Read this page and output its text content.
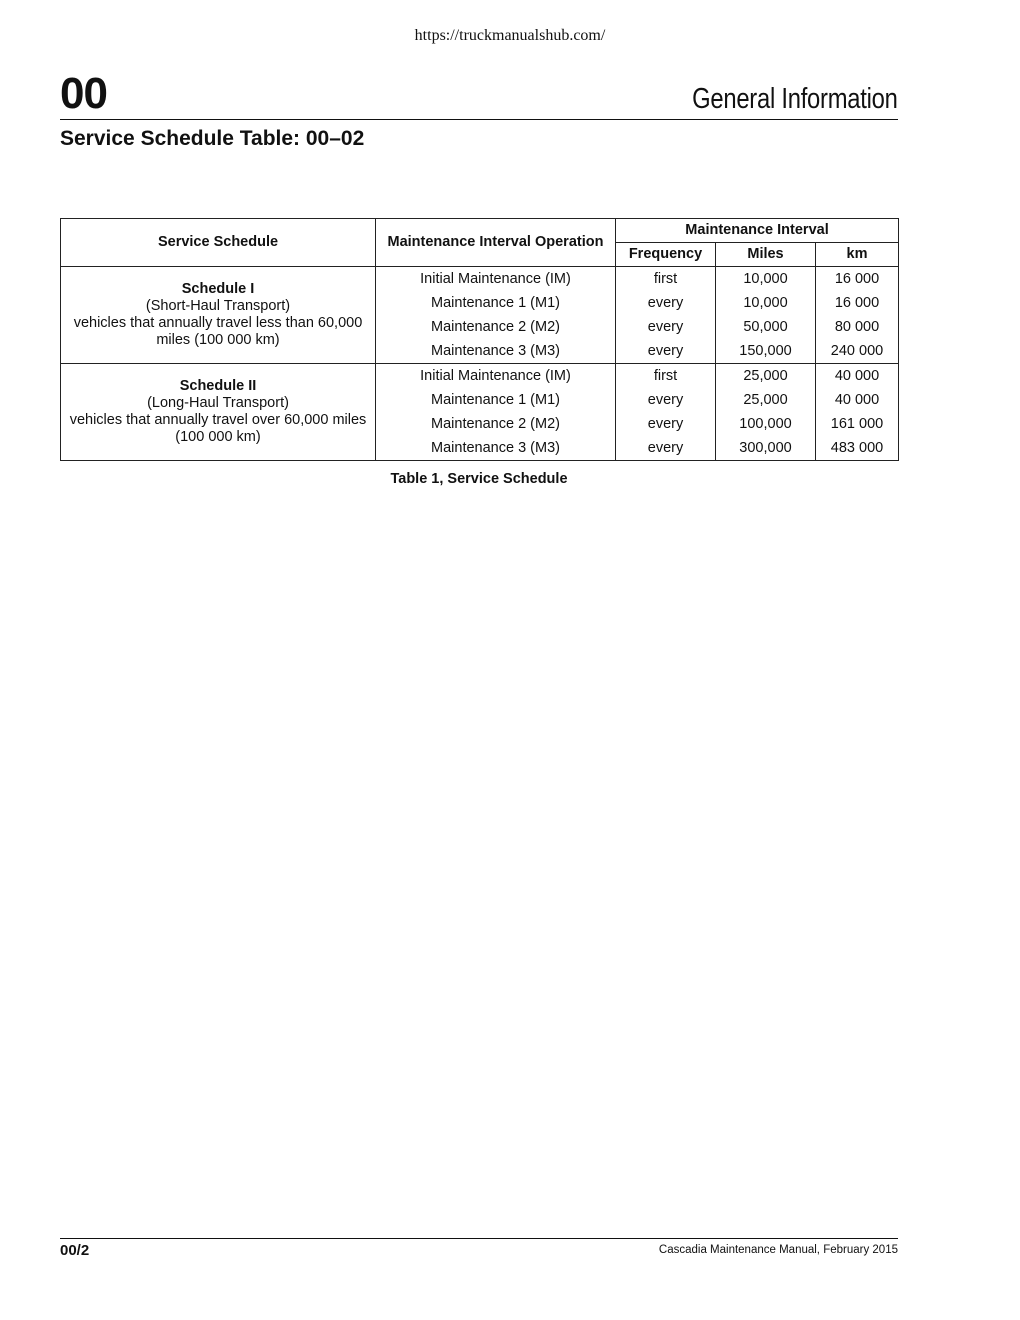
https://truckmanualshub.com/
00	General Information
Service Schedule Table: 00–02
Service Schedule	Maintenance Interval Operation	Maintenance Interval		
		Frequency	Miles	km

Schedule I
(Short-Haul Transport)
vehicles that annually travel less than 60,000 miles (100 000 km)	Initial Maintenance (IM)	first	10,000	16 000
	Maintenance 1 (M1)	every	10,000	16 000
	Maintenance 2 (M2)	every	50,000	80 000
	Maintenance 3 (M3)	every	150,000	240 000

Schedule II
(Long-Haul Transport)
vehicles that annually travel over 60,000 miles (100 000 km)	Initial Maintenance (IM)	first	25,000	40 000
	Maintenance 1 (M1)	every	25,000	40 000
	Maintenance 2 (M2)	every	100,000	161 000
	Maintenance 3 (M3)	every	300,000	483 000
Table 1, Service Schedule
00/2	Cascadia Maintenance Manual, February 2015
